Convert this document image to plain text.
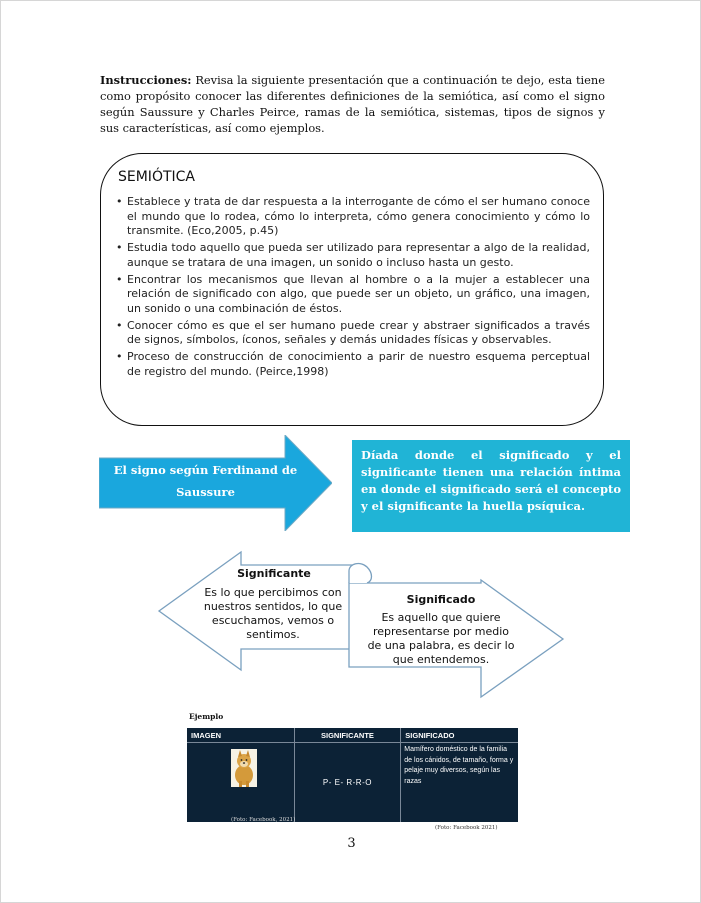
Instrucciones: Revisa la siguiente presentación que a continuación te dejo, esta tiene como propósito conocer las diferentes definiciones de la semiótica, así como el signo según Saussure y Charles Peirce, ramas de la semiótica, sistemas, tipos de signos y sus características, así como ejemplos.

SEMIÓTICA
• Establece y trata de dar respuesta a la interrogante de cómo el ser humano conoce el mundo que lo rodea, cómo lo interpreta, cómo genera conocimiento y cómo lo transmite. (Eco,2005, p.45)
• Estudia todo aquello que pueda ser utilizado para representar a algo de la realidad, aunque se tratara de una imagen, un sonido o incluso hasta un gesto.
• Encontrar los mecanismos que llevan al hombre o a la mujer a establecer una relación de significado con algo, que puede ser un objeto, un gráfico, una imagen, un sonido o una combinación de éstos.
• Conocer cómo es que el ser humano puede crear y abstraer significados a través de signos, símbolos, íconos, señales y demás unidades físicas y observables.
• Proceso de construcción de conocimiento a parir de nuestro esquema perceptual de registro del mundo. (Peirce,1998)
El signo según Ferdinand de Saussure

Díada donde el significado y el significante tienen una relación íntima en donde el significado será el concepto y el significante la huella psíquica.

Significante
Es lo que percibimos con nuestros sentidos, lo que escuchamos, vemos o sentimos.
Significado
Es aquello que quiere representarse por medio de una palabra, es decir lo que entendemos.
Ejemplo
IMAGEN	SIGNIFICANTE	SIGNIFICADO

(Foto: Facebook, 2021)	P- E- R-R-O	Mamífero doméstico de la familia de los cánidos, de tamaño, forma y pelaje muy diversos, según las razas
(Foto: Facebook 2021)
3
